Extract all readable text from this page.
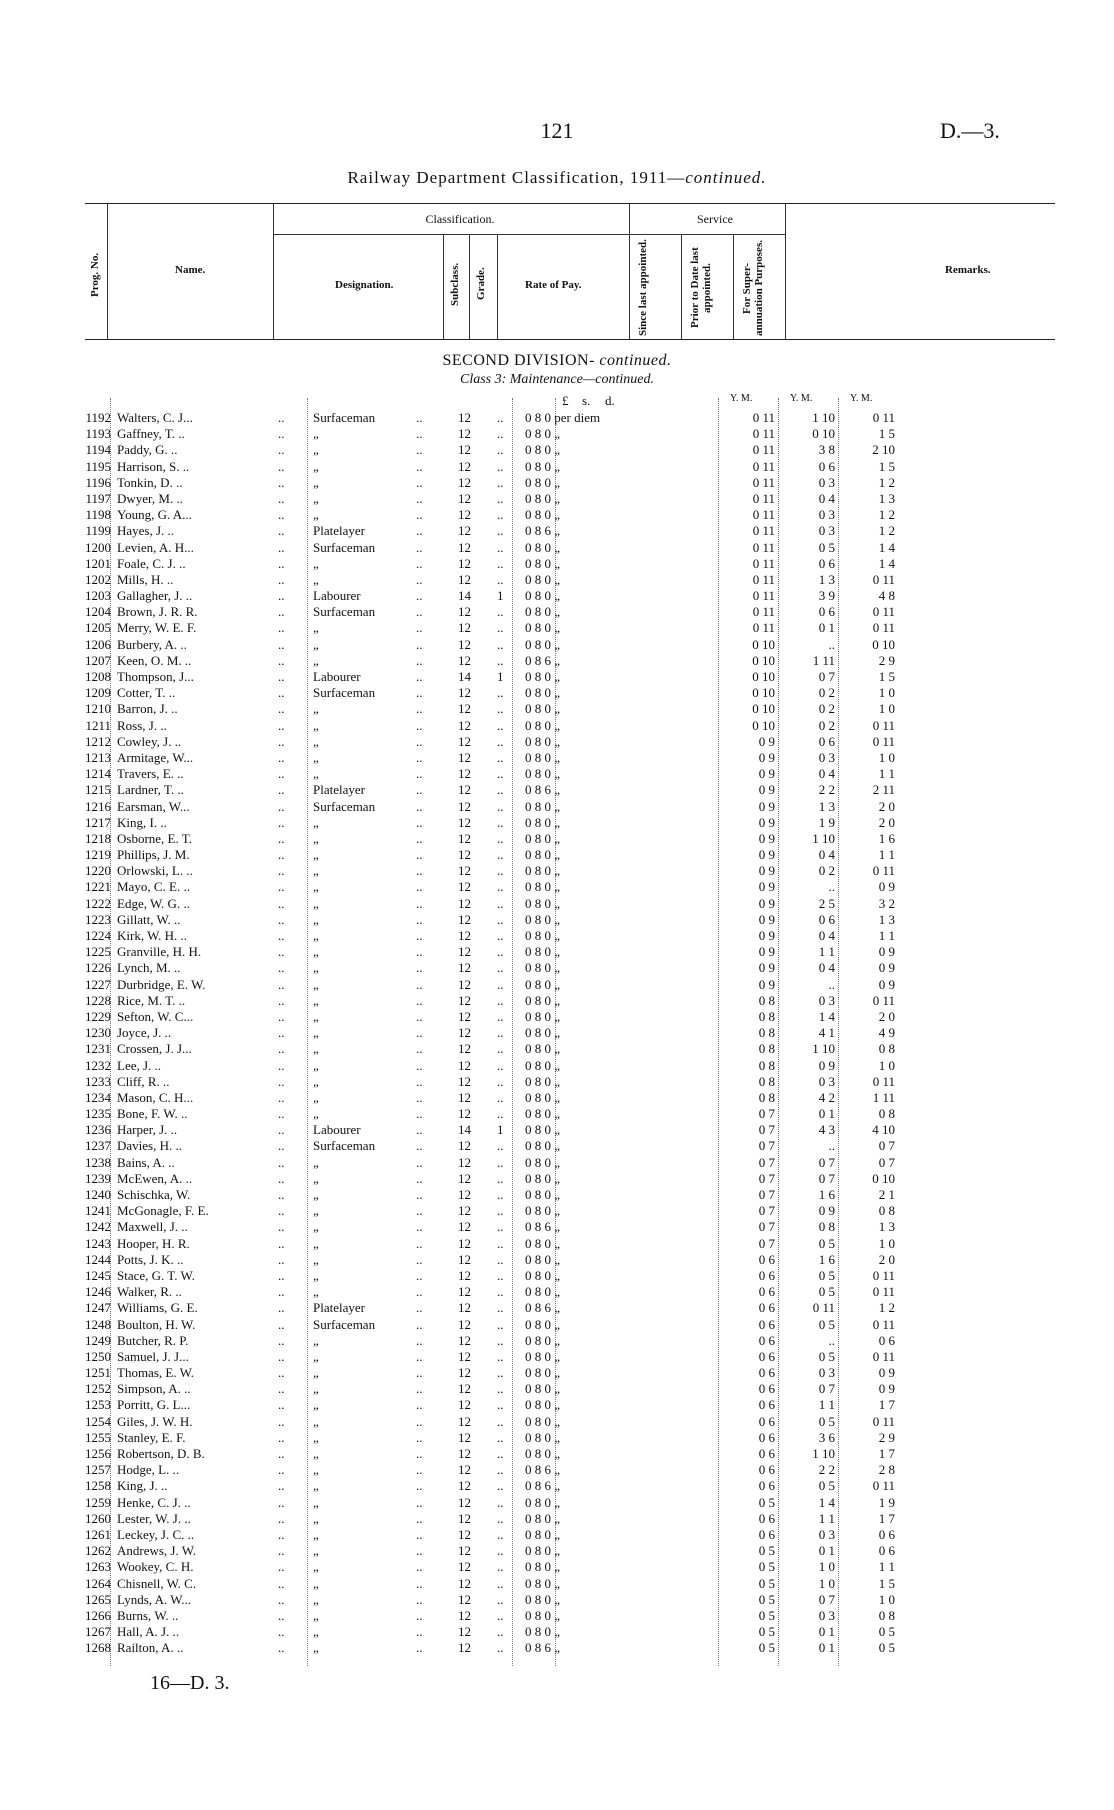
121	D.—3.
Railway Department Classification, 1911—continued.
Prog. No.	Name.
Classification.
Designation.	Subclass. Grade.	Rate of Pay.
Service
Since last appointed.	Prior to Date last appointed.	For Super-annuation Purposes.	Remarks.
SECOND DIVISION- continued.
Class 3: Maintenance—continued.
£ s. d.	Y. M.	Y. M.	Y. M.
1192 Walters, C. J...	.. Surfaceman	..	12 .. 0 8 0 per diem	0 11	1 10	0 11
1193 Gaffney, T. ..	.. „	..	12 .. 0 8 0 „	0 11	0 10	1 5
1194 Paddy, G. ..	.. „	..	12 .. 0 8 0 „	0 11	3 8	2 10
1195 Harrison, S. ..	.. „	..	12 .. 0 8 0 „	0 11	0 6	1 5
1196 Tonkin, D. ..	.. „	..	12 .. 0 8 0 „	0 11	0 3	1 2
1197 Dwyer, M. ..	.. „	..	12 .. 0 8 0 „	0 11	0 4	1 3
1198 Young, G. A...	.. „	..	12 .. 0 8 0 „	0 11	0 3	1 2
1199 Hayes, J. ..	.. Platelayer	..	12 .. 0 8 6 „	0 11	0 3	1 2
1200 Levien, A. H...	.. Surfaceman	..	12 .. 0 8 0 „	0 11	0 5	1 4
1201 Foale, C. J. ..	.. „	..	12 .. 0 8 0 „	0 11	0 6	1 4
1202 Mills, H. ..	.. „	..	12 .. 0 8 0 „	0 11	1 3	0 11
1203 Gallagher, J. ..	.. Labourer	..	14 1 0 8 0 „	0 11	3 9	4 8
1204 Brown, J. R. R.	.. Surfaceman	..	12 .. 0 8 0 „	0 11	0 6	0 11
1205 Merry, W. E. F.	.. „	..	12 .. 0 8 0 „	0 11	0 1	0 11
1206 Burbery, A. ..	.. „	..	12 .. 0 8 0 „	0 10	..	0 10
1207 Keen, O. M. ..	.. „	..	12 .. 0 8 6 „	0 10	1 11	2 9
1208 Thompson, J...	.. Labourer	..	14 1 0 8 0 „	0 10	0 7	1 5
1209 Cotter, T. ..	.. Surfaceman	..	12 .. 0 8 0 „	0 10	0 2	1 0
1210 Barron, J. ..	.. „	..	12 .. 0 8 0 „	0 10	0 2	1 0
1211 Ross, J. ..	.. „	..	12 .. 0 8 0 „	0 10	0 2	0 11
1212 Cowley, J. ..	.. „	..	12 .. 0 8 0 „	0 9	0 6	0 11
1213 Armitage, W...	.. „	..	12 .. 0 8 0 „	0 9	0 3	1 0
1214 Travers, E. ..	.. „	..	12 .. 0 8 0 „	0 9	0 4	1 1
1215 Lardner, T. ..	.. Platelayer	..	12 .. 0 8 6 „	0 9	2 2	2 11
1216 Earsman, W...	.. Surfaceman	..	12 .. 0 8 0 „	0 9	1 3	2 0
1217 King, I. ..	.. „	..	12 .. 0 8 0 „	0 9	1 9	2 0
1218 Osborne, E. T.	.. „	..	12 .. 0 8 0 „	0 9	1 10	1 6
1219 Phillips, J. M.	.. „	..	12 .. 0 8 0 „	0 9	0 4	1 1
1220 Orlowski, L. ..	.. „	..	12 .. 0 8 0 „	0 9	0 2	0 11
1221 Mayo, C. E. ..	.. „	..	12 .. 0 8 0 „	0 9	..	0 9
1222 Edge, W. G. ..	.. „	..	12 .. 0 8 0 „	0 9	2 5	3 2
1223 Gillatt, W. ..	.. „	..	12 .. 0 8 0 „	0 9	0 6	1 3
1224 Kirk, W. H. ..	.. „	..	12 .. 0 8 0 „	0 9	0 4	1 1
1225 Granville, H. H.	.. „	..	12 .. 0 8 0 „	0 9	1 1	0 9
1226 Lynch, M. ..	.. „	..	12 .. 0 8 0 „	0 9	0 4	0 9
1227 Durbridge, E. W.	.. „	..	12 .. 0 8 0 „	0 9	..	0 9
1228 Rice, M. T. ..	.. „	..	12 .. 0 8 0 „	0 8	0 3	0 11
1229 Sefton, W. C...	.. „	..	12 .. 0 8 0 „	0 8	1 4	2 0
1230 Joyce, J. ..	.. „	..	12 .. 0 8 0 „	0 8	4 1	4 9
1231 Crossen, J. J...	.. „	..	12 .. 0 8 0 „	0 8	1 10	0 8
1232 Lee, J. ..	.. „	..	12 .. 0 8 0 „	0 8	0 9	1 0
1233 Cliff, R. ..	.. „	..	12 .. 0 8 0 „	0 8	0 3	0 11
1234 Mason, C. H...	.. „	..	12 .. 0 8 0 „	0 8	4 2	1 11
1235 Bone, F. W. ..	.. „	..	12 .. 0 8 0 „	0 7	0 1	0 8
1236 Harper, J. ..	.. Labourer	..	14 1 0 8 0 „	0 7	4 3	4 10
1237 Davies, H. ..	.. Surfaceman	..	12 .. 0 8 0 „	0 7	..	0 7
1238 Bains, A. ..	.. „	..	12 .. 0 8 0 „	0 7	0 7	0 7
1239 McEwen, A. ..	.. „	..	12 .. 0 8 0 „	0 7	0 7	0 10
1240 Schischka, W.	.. „	..	12 .. 0 8 0 „	0 7	1 6	2 1
1241 McGonagle, F. E.	.. „	..	12 .. 0 8 0 „	0 7	0 9	0 8
1242 Maxwell, J. ..	.. „	..	12 .. 0 8 6 „	0 7	0 8	1 3
1243 Hooper, H. R.	.. „	..	12 .. 0 8 0 „	0 7	0 5	1 0
1244 Potts, J. K. ..	.. „	..	12 .. 0 8 0 „	0 6	1 6	2 0
1245 Stace, G. T. W.	.. „	..	12 .. 0 8 0 „	0 6	0 5	0 11
1246 Walker, R. ..	.. „	..	12 .. 0 8 0 „	0 6	0 5	0 11
1247 Williams, G. E.	.. Platelayer	..	12 .. 0 8 6 „	0 6	0 11	1 2
1248 Boulton, H. W.	.. Surfaceman	..	12 .. 0 8 0 „	0 6	0 5	0 11
1249 Butcher, R. P.	.. „	..	12 .. 0 8 0 „	0 6	..	0 6
1250 Samuel, J. J...	.. „	..	12 .. 0 8 0 „	0 6	0 5	0 11
1251 Thomas, E. W.	.. „	..	12 .. 0 8 0 „	0 6	0 3	0 9
1252 Simpson, A. ..	.. „	..	12 .. 0 8 0 „	0 6	0 7	0 9
1253 Porritt, G. L...	.. „	..	12 .. 0 8 0 „	0 6	1 1	1 7
1254 Giles, J. W. H.	.. „	..	12 .. 0 8 0 „	0 6	0 5	0 11
1255 Stanley, E. F.	.. „	..	12 .. 0 8 0 „	0 6	3 6	2 9
1256 Robertson, D. B.	.. „	..	12 .. 0 8 0 „	0 6	1 10	1 7
1257 Hodge, L. ..	.. „	..	12 .. 0 8 6 „	0 6	2 2	2 8
1258 King, J. ..	.. „	..	12 .. 0 8 6 „	0 6	0 5	0 11
1259 Henke, C. J. ..	.. „	..	12 .. 0 8 0 „	0 5	1 4	1 9
1260 Lester, W. J. ..	.. „	..	12 .. 0 8 0 „	0 6	1 1	1 7
1261 Leckey, J. C. ..	.. „	..	12 .. 0 8 0 „	0 6	0 3	0 6
1262 Andrews, J. W.	.. „	..	12 .. 0 8 0 „	0 5	0 1	0 6
1263 Wookey, C. H.	.. „	..	12 .. 0 8 0 „	0 5	1 0	1 1
1264 Chisnell, W. C.	.. „	..	12 .. 0 8 0 „	0 5	1 0	1 5
1265 Lynds, A. W...	.. „	..	12 .. 0 8 0 „	0 5	0 7	1 0
1266 Burns, W. ..	.. „	..	12 .. 0 8 0 „	0 5	0 3	0 8
1267 Hall, A. J. ..	.. „	..	12 .. 0 8 0 „	0 5	0 1	0 5
1268 Railton, A. ..	.. „	..	12 .. 0 8 6 „	0 5	0 1	0 5
16—D. 3.
